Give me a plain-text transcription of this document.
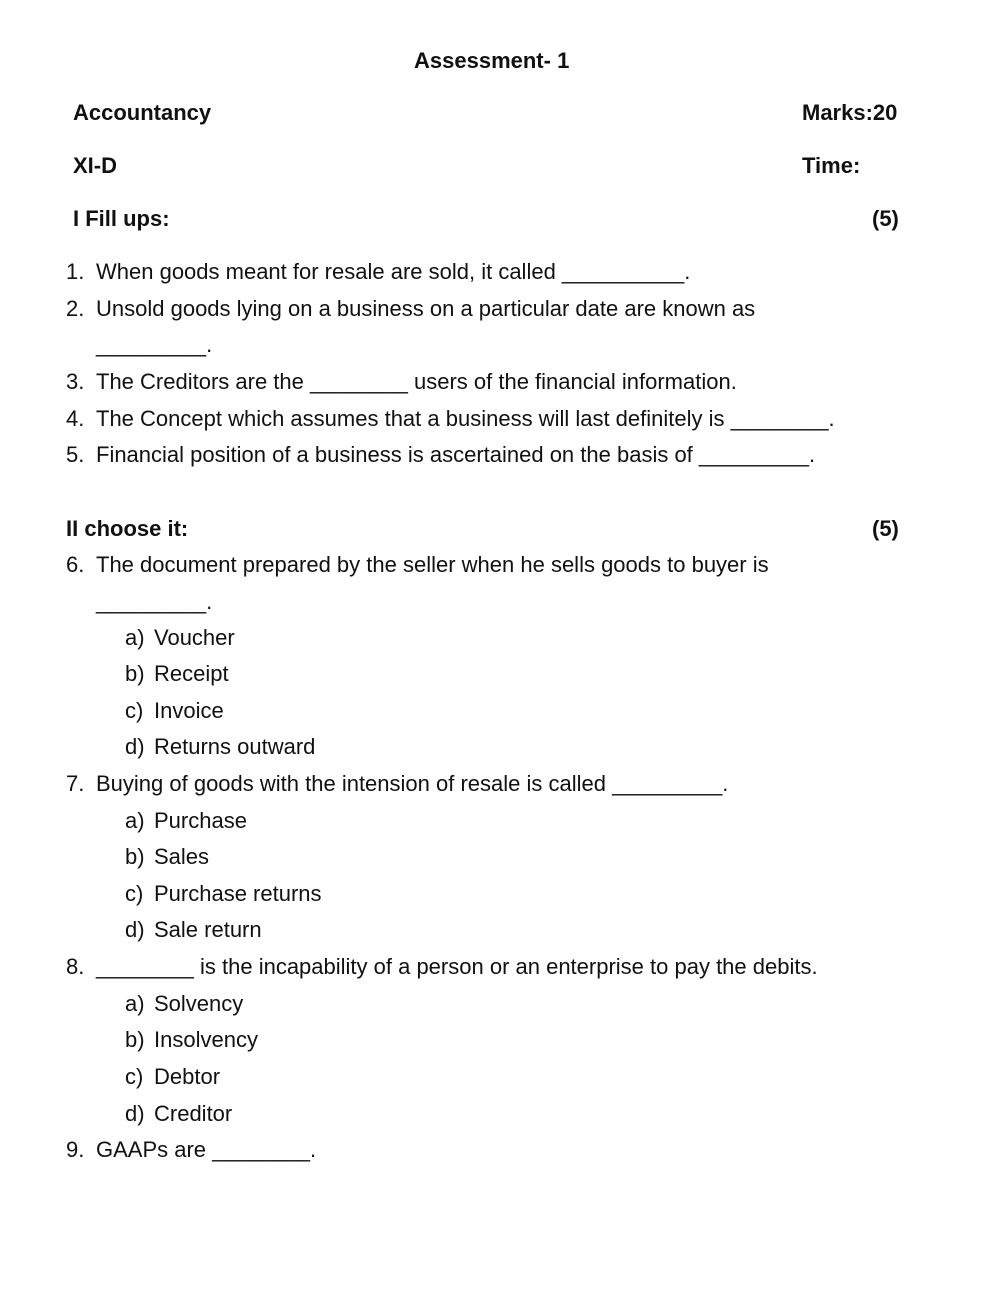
Assessment- 1
Accountancy	Marks:20
XI-D	Time:
I Fill ups:	(5)
1. When goods meant for resale are sold, it called __________.
2. Unsold goods lying on a business on a particular date are known as
_________.
3. The Creditors are the ________ users of the financial information.
4. The Concept which assumes that a business will last definitely is ________.
5. Financial position of a business is ascertained on the basis of _________.
II choose it:	(5)
6. The document prepared by the seller when he sells goods to buyer is
_________.
a) Voucher
b) Receipt
c) Invoice
d) Returns outward
7. Buying of goods with the intension of resale is called _________.
a) Purchase
b) Sales
c) Purchase returns
d) Sale return
8. ________ is the incapability of a person or an enterprise to pay the debits.
a) Solvency
b) Insolvency
c) Debtor
d) Creditor
9. GAAPs are ________.
